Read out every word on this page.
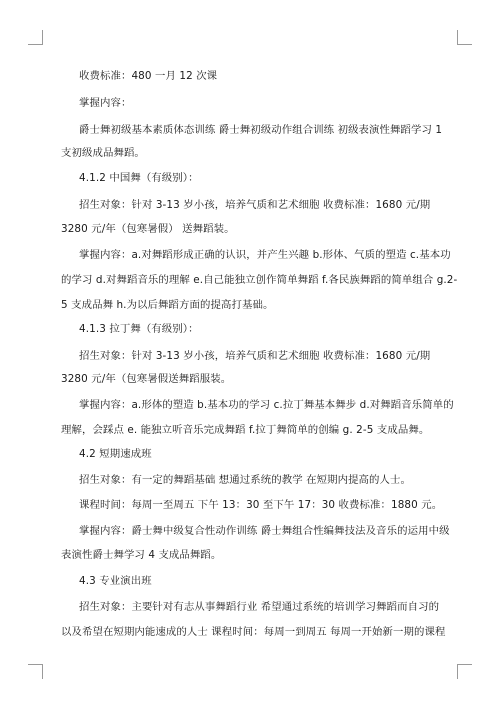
收费标准：480 一月 12 次课
掌握内容：
爵士舞初级基本素质体态训练 爵士舞初级动作组合训练 初级表演性舞蹈学习 1
支初级成品舞蹈。
4.1.2 中国舞（有级别）：
招生对象：针对 3-13 岁小孩，培养气质和艺术细胞 收费标准：1680 元/期
3280 元/年（包寒暑假） 送舞蹈装。
掌握内容：a.对舞蹈形成正确的认识，并产生兴趣 b.形体、气质的塑造 c.基本功
的学习 d.对舞蹈音乐的理解 e.自己能独立创作简单舞蹈 f.各民族舞蹈的简单组合 g.2-
5 支成品舞 h.为以后舞蹈方面的提高打基础。
4.1.3 拉丁舞（有级别）：
招生对象：针对 3-13 岁小孩，培养气质和艺术细胞 收费标准：1680 元/期
3280 元/年（包寒暑假送舞蹈服装。
掌握内容：a.形体的塑造 b.基本功的学习 c.拉丁舞基本舞步 d.对舞蹈音乐简单的
理解，会踩点 e. 能独立听音乐完成舞蹈 f.拉丁舞简单的创编 g. 2-5 支成品舞。
4.2 短期速成班
招生对象：有一定的舞蹈基础 想通过系统的教学 在短期内提高的人士。
课程时间：每周一至周五 下午 13：30 至下午 17：30 收费标准：1880 元。
掌握内容：爵士舞中级复合性动作训练 爵士舞组合性编舞技法及音乐的运用中级
表演性爵士舞学习 4 支成品舞蹈。
4.3 专业演出班
招生对象：主要针对有志从事舞蹈行业 希望通过系统的培训学习舞蹈而自习的
以及希望在短期内能速成的人士 课程时间：每周一到周五 每周一开始新一期的课程
